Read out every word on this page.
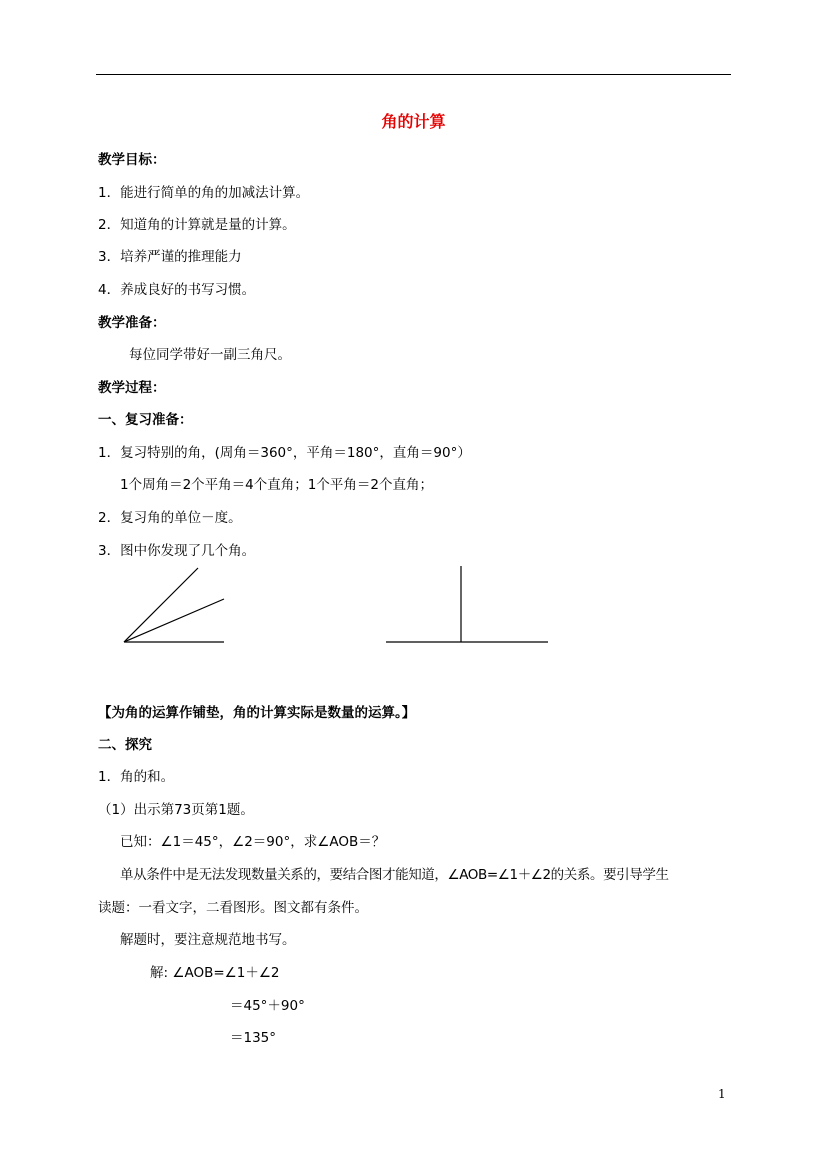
角的计算
教学目标：
1．能进行简单的角的加减法计算。
2．知道角的计算就是量的计算。
3．培养严谨的推理能力
4．养成良好的书写习惯。
教学准备：
每位同学带好一副三角尺。
教学过程：
一、复习准备：
1．复习特别的角，(周角＝360°，平角＝180°，直角＝90°）
1个周角＝2个平角＝4个直角；1个平角＝2个直角；
2．复习角的单位－度。
3．图中你发现了几个角。
【为角的运算作铺垫，角的计算实际是数量的运算。】
二、探究
1．角的和。
（1）出示第73页第1题。
已知：∠1＝45°，∠2＝90°，求∠AOB＝？
单从条件中是无法发现数量关系的，要结合图才能知道，∠AOB=∠1＋∠2的关系。要引导学生
读题：一看文字，二看图形。图文都有条件。
解题时，要注意规范地书写。
解: ∠AOB=∠1＋∠2
＝45°＋90°
＝135°
1
